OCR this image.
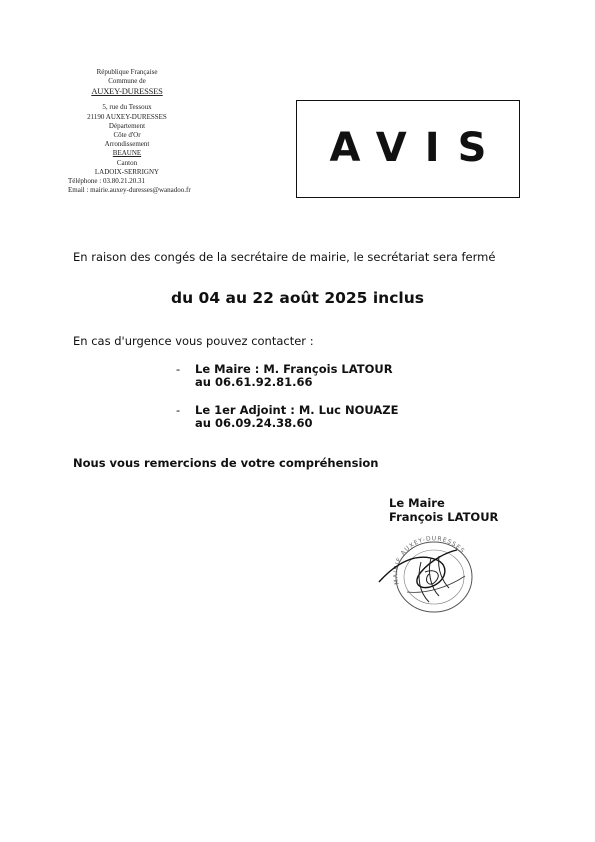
République Française
Commune de
AUXEY-DURESSES
5, rue du Tessoux
21190 AUXEY-DURESSES
Département
Côte d'Or
Arrondissement
BEAUNE
Canton
LADOIX-SERRIGNY
Téléphone : 03.80.21.20.31
Email : mairie.auxey-duresses@wanadoo.fr
AVIS
En raison des congés de la secrétaire de mairie, le secrétariat sera fermé
du 04 au 22 août 2025 inclus
En cas d'urgence vous pouvez contacter :
- Le Maire : M. François LATOUR
au 06.61.92.81.66
- Le 1er Adjoint : M. Luc NOUAZE
au 06.09.24.38.60
Nous vous remercions de votre compréhension
Le Maire
François LATOUR
MAIRIE AUXEY-DURESSES
